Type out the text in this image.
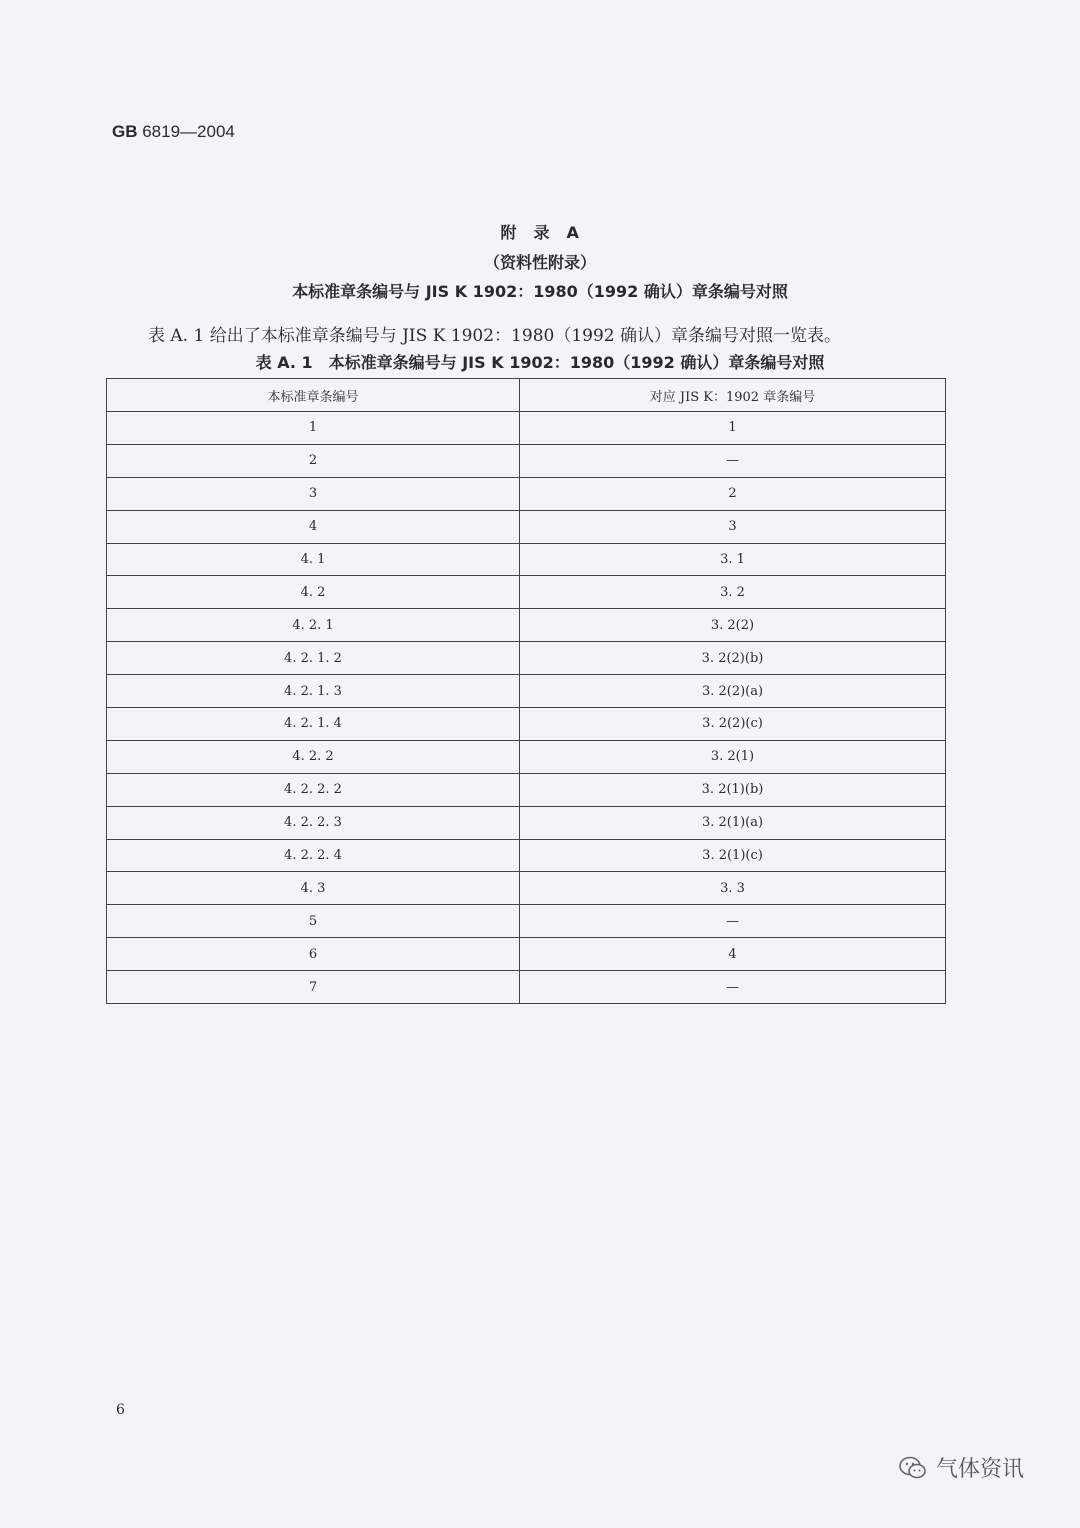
GB 6819—2004
附　录　A
（资料性附录）
本标准章条编号与 JIS K 1902：1980（1992 确认）章条编号对照
表 A. 1 给出了本标准章条编号与 JIS K 1902：1980（1992 确认）章条编号对照一览表。
表 A. 1　本标准章条编号与 JIS K 1902：1980（1992 确认）章条编号对照
本标准章条编号	对应 JIS K：1902 章条编号
1	1
2	—
3	2
4	3
4. 1	3. 1
4. 2	3. 2
4. 2. 1	3. 2(2)
4. 2. 1. 2	3. 2(2)(b)
4. 2. 1. 3	3. 2(2)(a)
4. 2. 1. 4	3. 2(2)(c)
4. 2. 2	3. 2(1)
4. 2. 2. 2	3. 2(1)(b)
4. 2. 2. 3	3. 2(1)(a)
4. 2. 2. 4	3. 2(1)(c)
4. 3	3. 3
5	—
6	4
7	—
6
气体资讯
